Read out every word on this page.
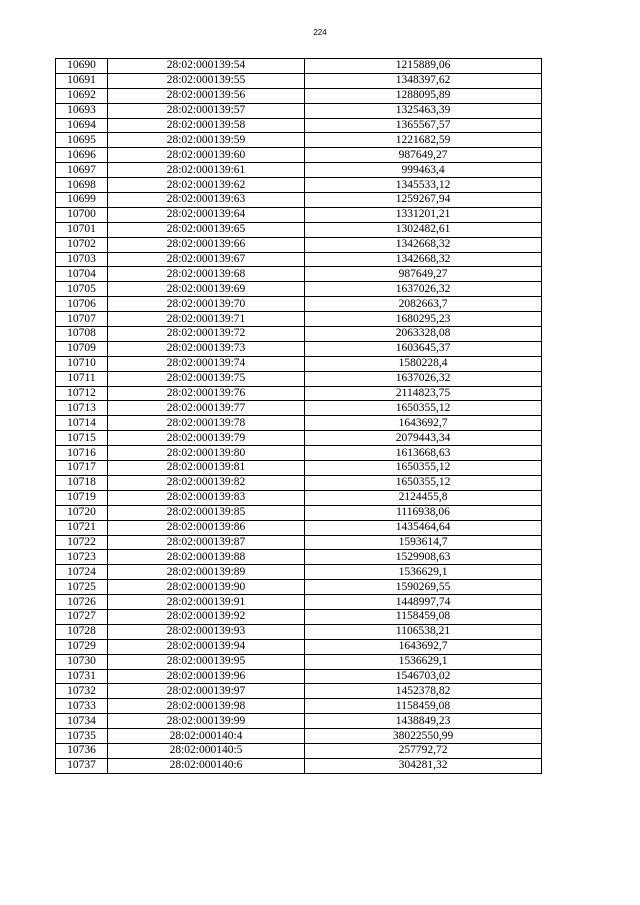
224
10690	28:02:000139:54	1215889,06
10691	28:02:000139:55	1348397,62
10692	28:02:000139:56	1288095,89
10693	28:02:000139:57	1325463,39
10694	28:02:000139:58	1365567,57
10695	28:02:000139:59	1221682,59
10696	28:02:000139:60	987649,27
10697	28:02:000139:61	999463,4
10698	28:02:000139:62	1345533,12
10699	28:02:000139:63	1259267,94
10700	28:02:000139:64	1331201,21
10701	28:02:000139:65	1302482,61
10702	28:02:000139:66	1342668,32
10703	28:02:000139:67	1342668,32
10704	28:02:000139:68	987649,27
10705	28:02:000139:69	1637026,32
10706	28:02:000139:70	2082663,7
10707	28:02:000139:71	1680295,23
10708	28:02:000139:72	2063328,08
10709	28:02:000139:73	1603645,37
10710	28:02:000139:74	1580228,4
10711	28:02:000139:75	1637026,32
10712	28:02:000139:76	2114823,75
10713	28:02:000139:77	1650355,12
10714	28:02:000139:78	1643692,7
10715	28:02:000139:79	2079443,34
10716	28:02:000139:80	1613668,63
10717	28:02:000139:81	1650355,12
10718	28:02:000139:82	1650355,12
10719	28:02:000139:83	2124455,8
10720	28:02:000139:85	1116938,06
10721	28:02:000139:86	1435464,64
10722	28:02:000139:87	1593614,7
10723	28:02:000139:88	1529908,63
10724	28:02:000139:89	1536629,1
10725	28:02:000139:90	1590269,55
10726	28:02:000139:91	1448997,74
10727	28:02:000139:92	1158459,08
10728	28:02:000139:93	1106538,21
10729	28:02:000139:94	1643692,7
10730	28:02:000139:95	1536629,1
10731	28:02:000139:96	1546703,02
10732	28:02:000139:97	1452378,82
10733	28:02:000139:98	1158459,08
10734	28:02:000139:99	1438849,23
10735	28:02:000140:4	38022550,99
10736	28:02:000140:5	257792,72
10737	28:02:000140:6	304281,32
